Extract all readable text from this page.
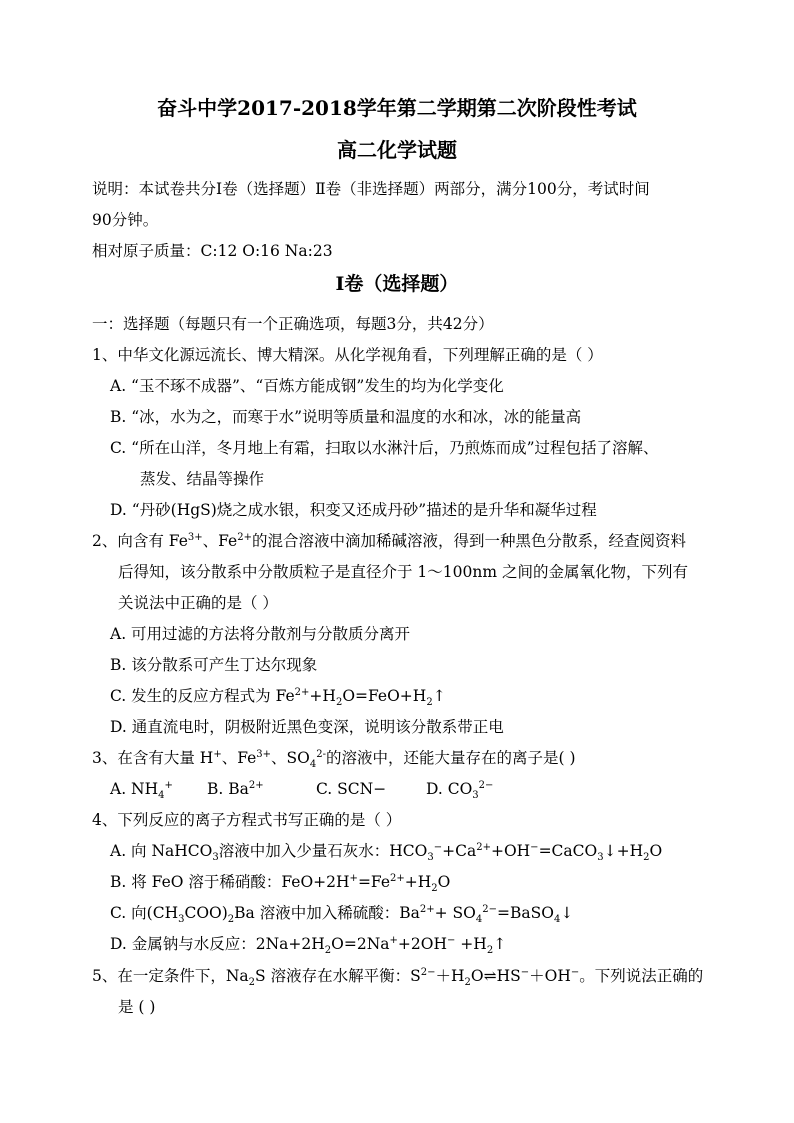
奋斗中学2017-2018学年第二学期第二次阶段性考试
高二化学试题
说明：本试卷共分Ⅰ卷（选择题）Ⅱ卷（非选择题）两部分，满分100分，考试时间
90分钟。
相对原子质量：C:12 O:16 Na:23
Ⅰ卷（选择题）
一：选择题（每题只有一个正确选项，每题3分，共42分）
1、中华文化源远流长、博大精深。从化学视角看，下列理解正确的是（ ）
A. “玉不琢不成器”、“百炼方能成钢”发生的均为化学变化
B. “冰，水为之，而寒于水”说明等质量和温度的水和冰，冰的能量高
C. “所在山洋，冬月地上有霜，扫取以水淋汁后，乃煎炼而成”过程包括了溶解、
蒸发、结晶等操作
D. “丹砂(HgS)烧之成水银，积变又还成丹砂”描述的是升华和凝华过程
2、向含有 $Fe^{3+}$、$Fe^{2+}$的混合溶液中滴加稀碱溶液，得到一种黑色分散系，经查阅资料
后得知，该分散系中分散质粒子是直径介于 1～100nm 之间的金属氧化物，下列有
关说法中正确的是（ ）
A. 可用过滤的方法将分散剂与分散质分离开
B. 该分散系可产生丁达尔现象
C. 发生的反应方程式为 $Fe^{2+}+H_2O=FeO+H_2↑$
D. 通直流电时，阴极附近黑色变深，说明该分散系带正电
3、在含有大量 H+、$Fe^{3+}$、$SO_4^{2-}$的溶液中，还能大量存在的离子是( )
A. $NH_4^+$ B. $Ba^{2+}$	C. SCN−	D. $CO_3^{2-}$
4、下列反应的离子方程式书写正确的是（ ）
A. 向 NaHCO$_3$溶液中加入少量石灰水：$HCO_3^-+Ca^{2+}+OH^-=CaCO_3↓+H_2O$
B. 将 FeO 溶于稀硝酸：$FeO+2H^+=Fe^{2+}+H_2O$
C. 向$(CH_3COO)_2Ba$ 溶液中加入稀硫酸：$Ba^{2+}+$ $SO_4^{2-}=BaSO_4↓$
D. 金属钠与水反应：$2Na+2H_2O=2Na^++2OH^-$ $+H_2↑$
5、在一定条件下，$Na_2S$ 溶液存在水解平衡：$S^{2-}+H_2O\rightleftharpoons HS^-+OH^-$。下列说法正确的
是 ( )
